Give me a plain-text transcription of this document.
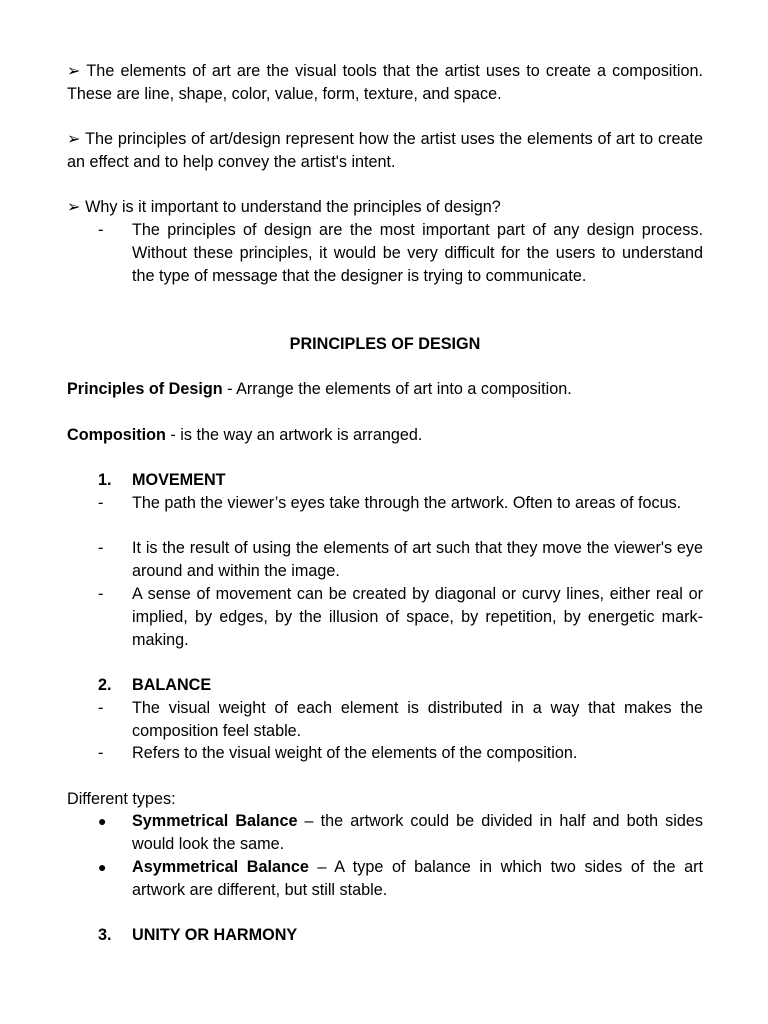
➢ The elements of art are the visual tools that the artist uses to create a composition. These are line, shape, color, value, form, texture, and space.
➢ The principles of art/design represent how the artist uses the elements of art to create an effect and to help convey the artist's intent.
➢ Why is it important to understand the principles of design?
-	The principles of design are the most important part of any design process. Without these principles, it would be very difficult for the users to understand the type of message that the designer is trying to communicate.
PRINCIPLES OF DESIGN
Principles of Design - Arrange the elements of art into a composition.
Composition - is the way an artwork is arranged.
1.	MOVEMENT
-	The path the viewer’s eyes take through the artwork. Often to areas of focus.
-	It is the result of using the elements of art such that they move the viewer's eye around and within the image.
-	A sense of movement can be created by diagonal or curvy lines, either real or implied, by edges, by the illusion of space, by repetition, by energetic mark-making.
2.	BALANCE
-	The visual weight of each element is distributed in a way that makes the composition feel stable.
-	Refers to the visual weight of the elements of the composition.
Different types:
●	Symmetrical Balance – the artwork could be divided in half and both sides would look the same.
●	Asymmetrical Balance – A type of balance in which two sides of the art artwork are different, but still stable.
3.	UNITY OR HARMONY
